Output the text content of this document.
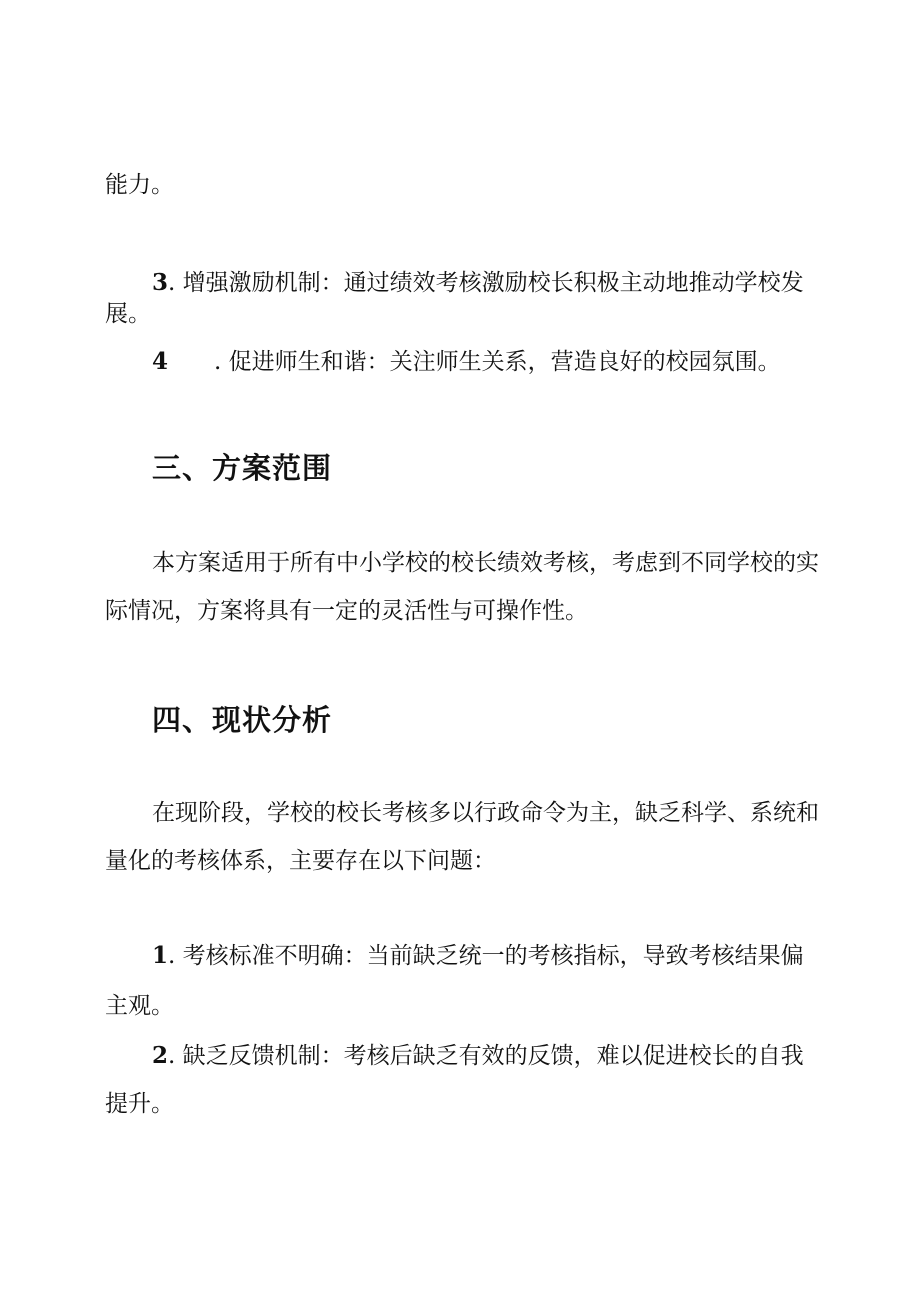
能力。
3. 增强激励机制：通过绩效考核激励校长积极主动地推动学校发
展。
4 . 促进师生和谐：关注师生关系，营造良好的校园氛围。
三、方案范围
本方案适用于所有中小学校的校长绩效考核，考虑到不同学校的实
际情况，方案将具有一定的灵活性与可操作性。
四、现状分析
在现阶段，学校的校长考核多以行政命令为主，缺乏科学、系统和
量化的考核体系，主要存在以下问题：
1. 考核标准不明确：当前缺乏统一的考核指标，导致考核结果偏
主观。
2. 缺乏反馈机制：考核后缺乏有效的反馈，难以促进校长的自我
提升。
